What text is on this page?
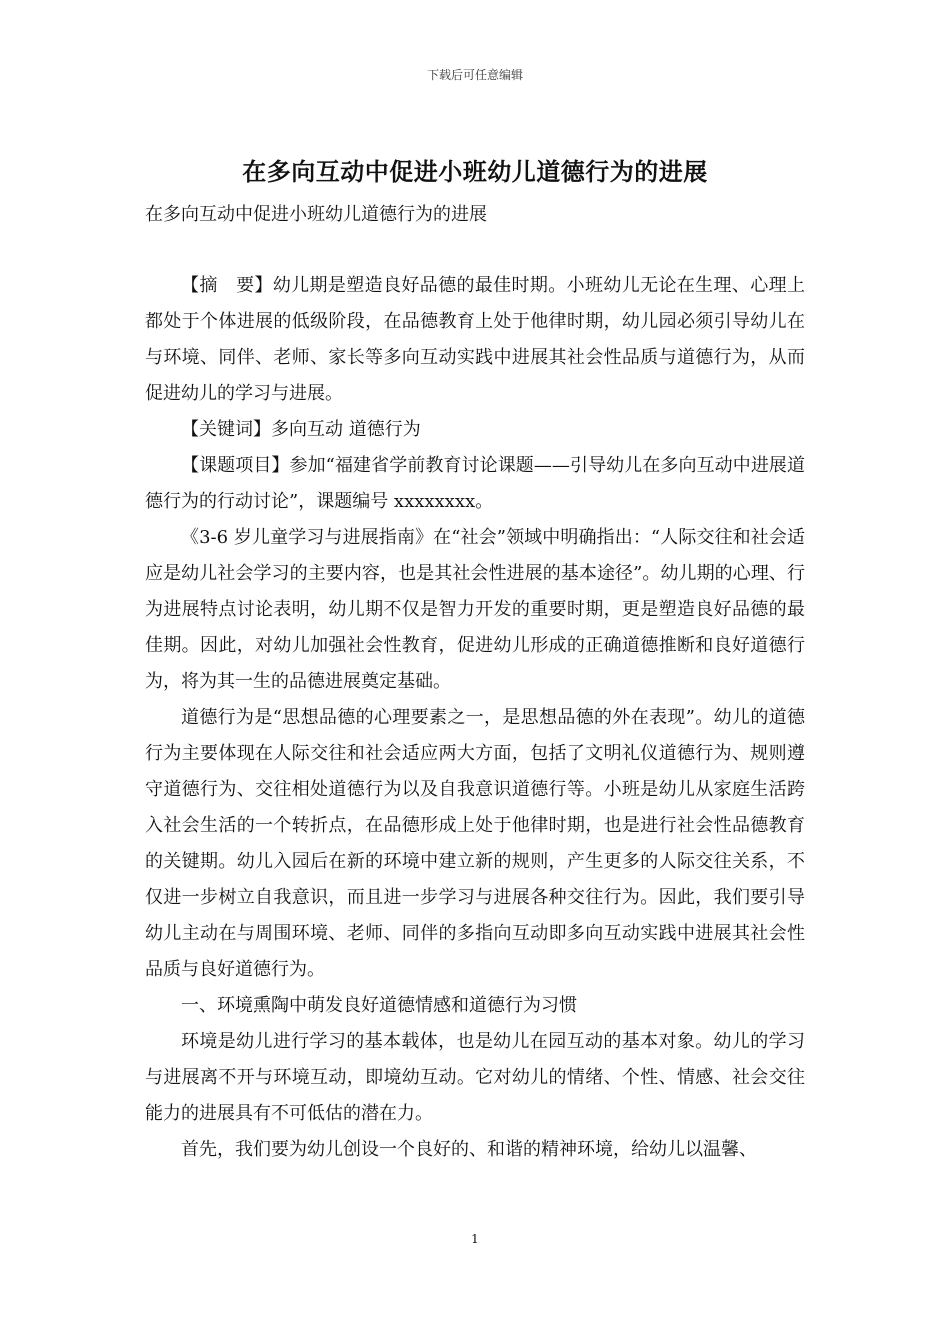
下载后可任意编辑
在多向互动中促进小班幼儿道德行为的进展
在多向互动中促进小班幼儿道德行为的进展

【摘　要】幼儿期是塑造良好品德的最佳时期。小班幼儿无论在生理、心理上都处于个体进展的低级阶段，在品德教育上处于他律时期，幼儿园必须引导幼儿在与环境、同伴、老师、家长等多向互动实践中进展其社会性品质与道德行为，从而促进幼儿的学习与进展。

【关键词】多向互动 道德行为

【课题项目】参加“福建省学前教育讨论课题——引导幼儿在多向互动中进展道德行为的行动讨论”，课题编号 xxxxxxxx。

《3-6 岁儿童学习与进展指南》在“社会”领域中明确指出：“人际交往和社会适应是幼儿社会学习的主要内容，也是其社会性进展的基本途径”。幼儿期的心理、行为进展特点讨论表明，幼儿期不仅是智力开发的重要时期，更是塑造良好品德的最佳期。因此，对幼儿加强社会性教育，促进幼儿形成的正确道德推断和良好道德行为，将为其一生的品德进展奠定基础。

道德行为是“思想品德的心理要素之一，是思想品德的外在表现”。幼儿的道德行为主要体现在人际交往和社会适应两大方面，包括了文明礼仪道德行为、规则遵守道德行为、交往相处道德行为以及自我意识道德行等。小班是幼儿从家庭生活跨入社会生活的一个转折点，在品德形成上处于他律时期，也是进行社会性品德教育的关键期。幼儿入园后在新的环境中建立新的规则，产生更多的人际交往关系，不仅进一步树立自我意识，而且进一步学习与进展各种交往行为。因此，我们要引导幼儿主动在与周围环境、老师、同伴的多指向互动即多向互动实践中进展其社会性品质与良好道德行为。

一、环境熏陶中萌发良好道德情感和道德行为习惯

环境是幼儿进行学习的基本载体，也是幼儿在园互动的基本对象。幼儿的学习与进展离不开与环境互动，即境幼互动。它对幼儿的情绪、个性、情感、社会交往能力的进展具有不可低估的潜在力。

首先，我们要为幼儿创设一个良好的、和谐的精神环境，给幼儿以温馨、

1
